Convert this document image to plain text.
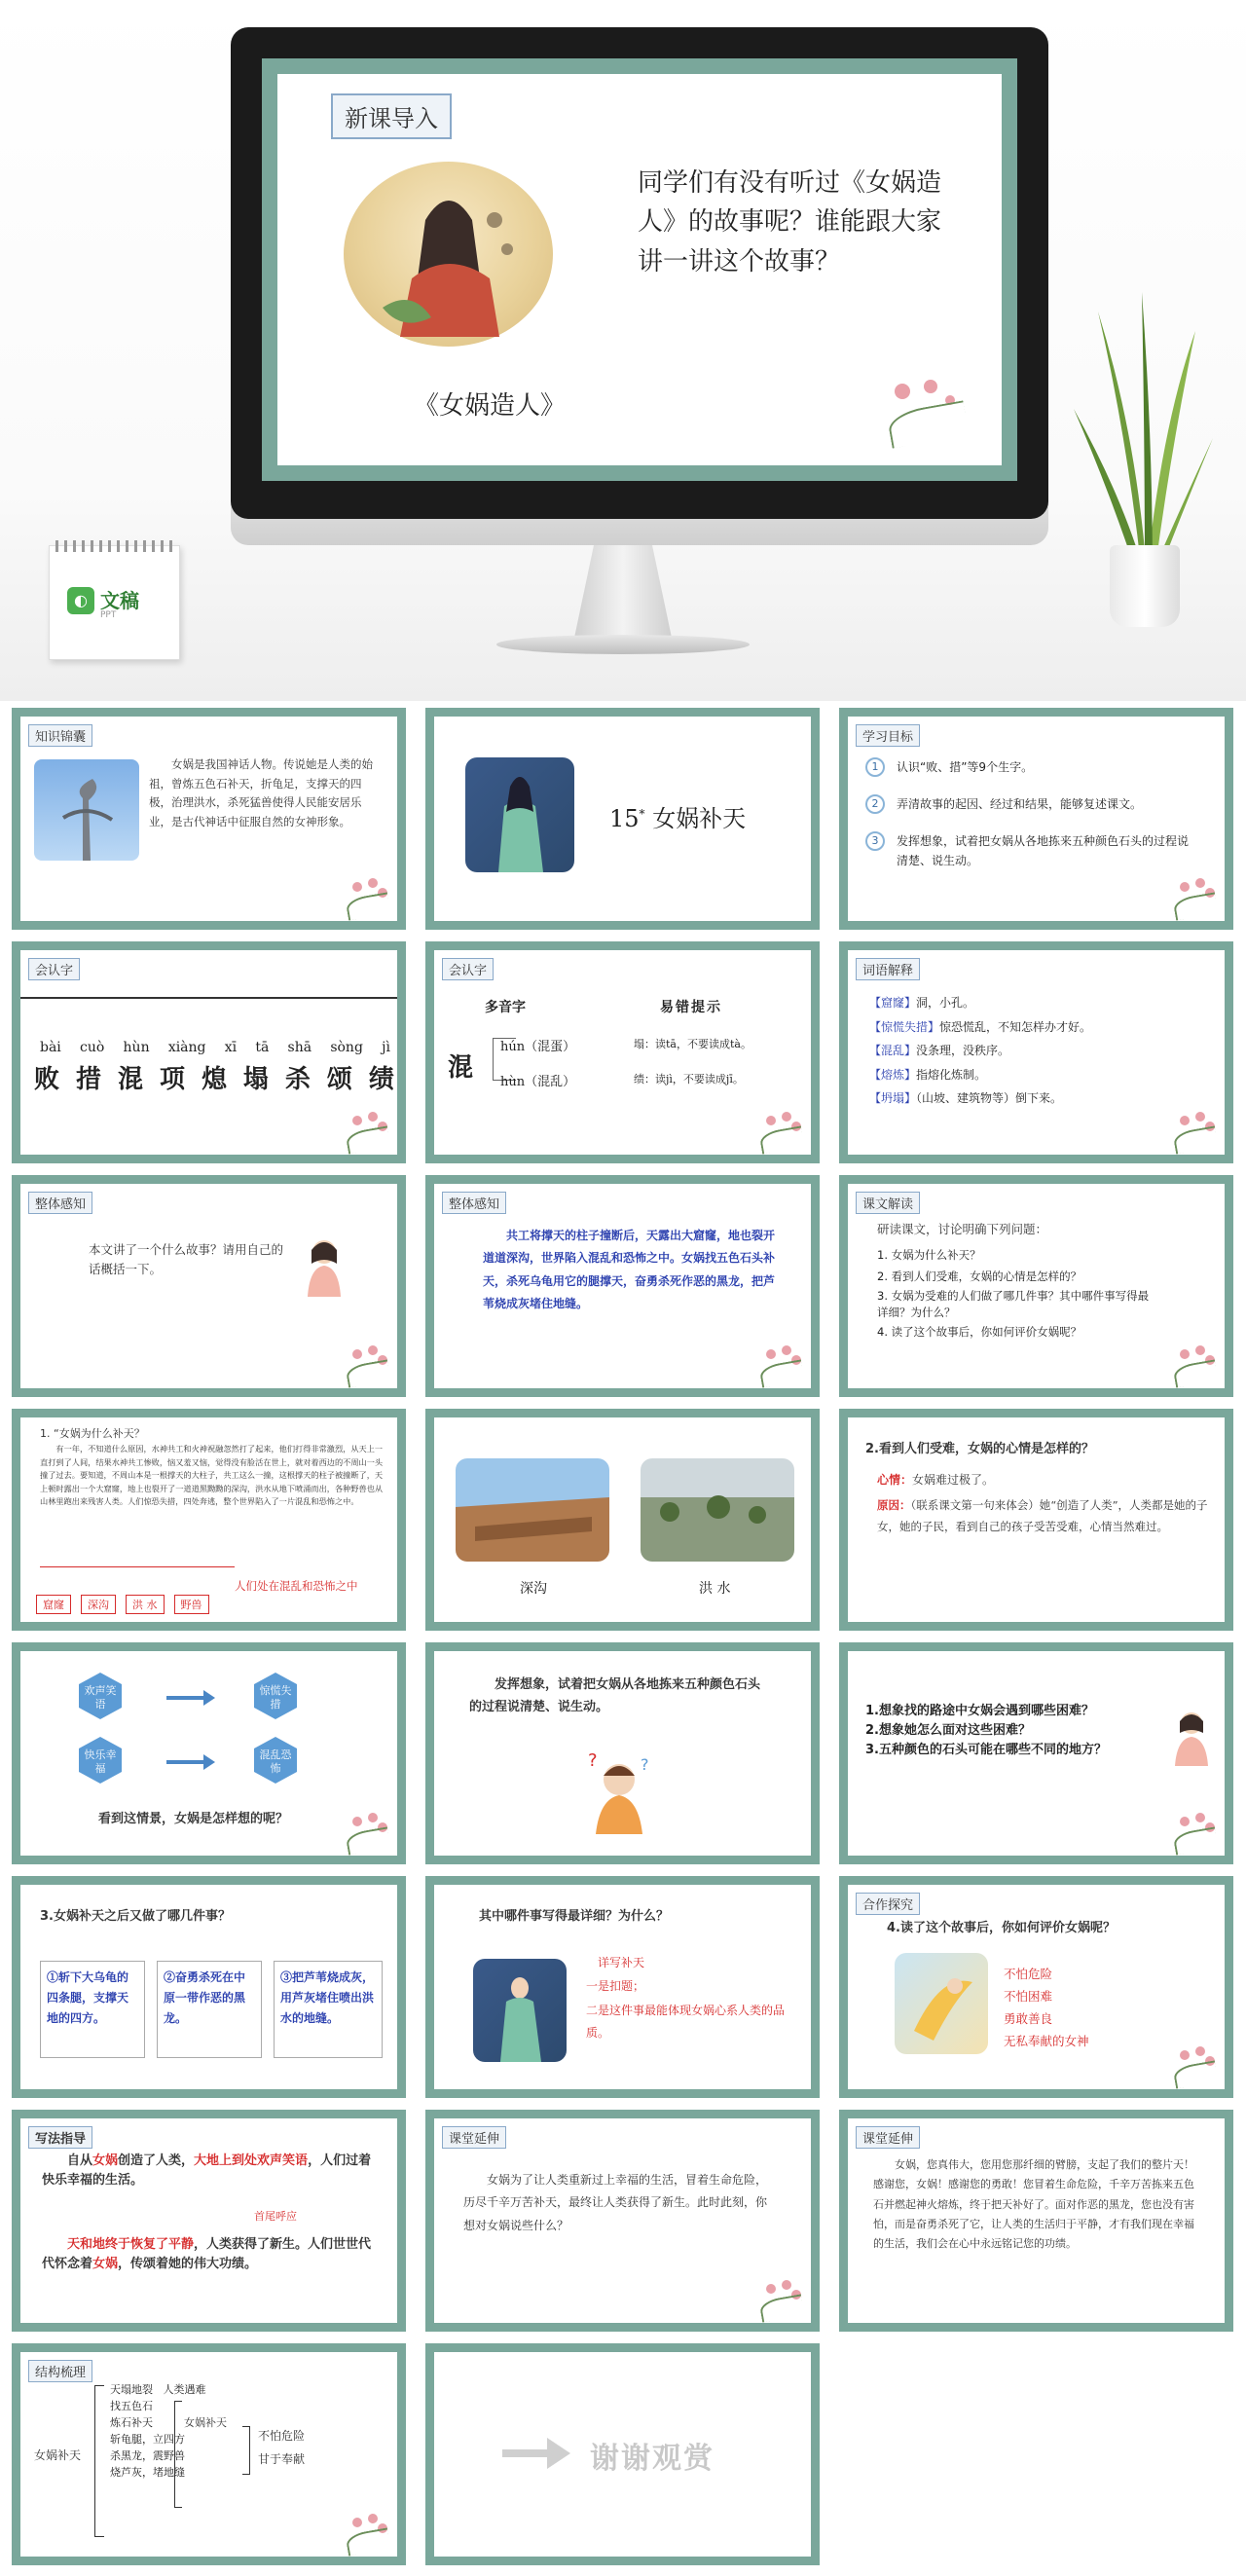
新课导入
同学们有没有听过《女娲造人》的故事呢？谁能跟大家讲一讲这个故事？
《女娲造人》
◐ 文稿
PPT
知识锦囊
女娲是我国神话人物。传说她是人类的始祖，曾炼五色石补天，折龟足，支撑天的四极，治理洪水，杀死猛兽使得人民能安居乐业，是古代神话中征服自然的女神形象。	15* 女娲补天
学习目标
1	认识“败、措”等9个生字。
2	弄清故事的起因、经过和结果，能够复述课文。
3	发挥想象，试着把女娲从各地拣来五种颜色石头的过程说清楚、说生动。
会认字
bài cuò hùn xiàng xī tā shā sòng jì
败 措 混 项 熄 塌 杀 颂 绩
会认字
多音字	易错提示
混
hún（混蛋）
hùn（混乱）
塌：读tā，不要读成tà。
绩：读jì，不要读成jī。
词语解释
【窟窿】洞，小孔。
【惊慌失措】惊恐慌乱，不知怎样办才好。
【混乱】没条理，没秩序。
【熔炼】指熔化炼制。
【坍塌】（山坡、建筑物等）倒下来。
整体感知
本文讲了一个什么故事？请用自己的话概括一下。
整体感知
共工将撑天的柱子撞断后，天露出大窟窿，地也裂开道道深沟，世界陷入混乱和恐怖之中。女娲找五色石头补天，杀死乌龟用它的腿撑天，奋勇杀死作恶的黑龙，把芦苇烧成灰堵住地缝。
课文解读
研读课文，讨论明确下列问题：
1. 女娲为什么补天？
2. 看到人们受难，女娲的心情是怎样的？
3. 女娲为受难的人们做了哪几件事？其中哪件事写得最详细？为什么？
4. 读了这个故事后，你如何评价女娲呢？
1. “女娲为什么补天？
有一年，不知道什么原因，水神共工和火神祝融忽然打了起来，他们打得非常激烈，从天上一直打到了人间，结果水神共工惨败，恼又羞又恼，觉得没有脸活在世上，就对着西边的不周山一头撞了过去。要知道，不周山本是一根撑天的大柱子，共工这么一撞，这根撑天的柱子被撞断了，天上顿时露出一个大窟窿，地上也裂开了一道道黑黝黝的深沟，洪水从地下喷涌而出，各种野兽也从山林里跑出来残害人类。人们惊恐失措，四处奔逃，整个世界陷入了一片混乱和恐怖之中。
人们处在混乱和恐怖之中
窟窿	深沟	洪 水	野兽
深沟	洪 水
2.看到人们受难，女娲的心情是怎样的？
心情：女娲难过极了。
原因：（联系课文第一句来体会）她“创造了人类”，人类都是她的子女，她的子民，看到自己的孩子受苦受难，心情当然难过。
欢声笑语
惊慌失措
快乐幸福
混乱恐怖
看到这情景，女娲是怎样想的呢？
发挥想象，试着把女娲从各地拣来五种颜色石头的过程说清楚、说生动。
?	?
1.想象找的路途中女娲会遇到哪些困难？
2.想象她怎么面对这些困难？
3.五种颜色的石头可能在哪些不同的地方？
3.女娲补天之后又做了哪几件事？
①斩下大乌龟的四条腿，支撑天地的四方。
②奋勇杀死在中原一带作恶的黑龙。
③把芦苇烧成灰，用芦灰堵住喷出洪水的地缝。
其中哪件事写得最详细？为什么？
详写补天
一是扣题；
二是这件事最能体现女娲心系人类的品质。
合作探究
4.读了这个故事后，你如何评价女娲呢？
不怕危险
不怕困难
勇敢善良
无私奉献的女神
写法指导
自从女娲创造了人类，大地上到处欢声笑语，人们过着快乐幸福的生活。
首尾呼应
天和地终于恢复了平静，人类获得了新生。人们世世代代怀念着女娲，传颂着她的伟大功绩。
课堂延伸
女娲为了让人类重新过上幸福的生活，冒着生命危险，历尽千辛万苦补天，最终让人类获得了新生。此时此刻，你想对女娲说些什么？
课堂延伸
女娲，您真伟大，您用您那纤细的臂膀，支起了我们的整片天！感谢您，女娲！感谢您的勇敢！您冒着生命危险，千辛万苦拣来五色石并燃起神火熔炼，终于把天补好了。面对作恶的黑龙，您也没有害怕，而是奋勇杀死了它，让人类的生活归于平静，才有我们现在幸福的生活，我们会在心中永远铭记您的功绩。
结构梳理
女娲补天
天塌地裂 人类遇难
找五色石
炼石补天
斩龟腿，立四方
杀黑龙，震野兽
烧芦灰，堵地缝
女娲补天
不怕危险
甘于奉献	谢谢观赏
